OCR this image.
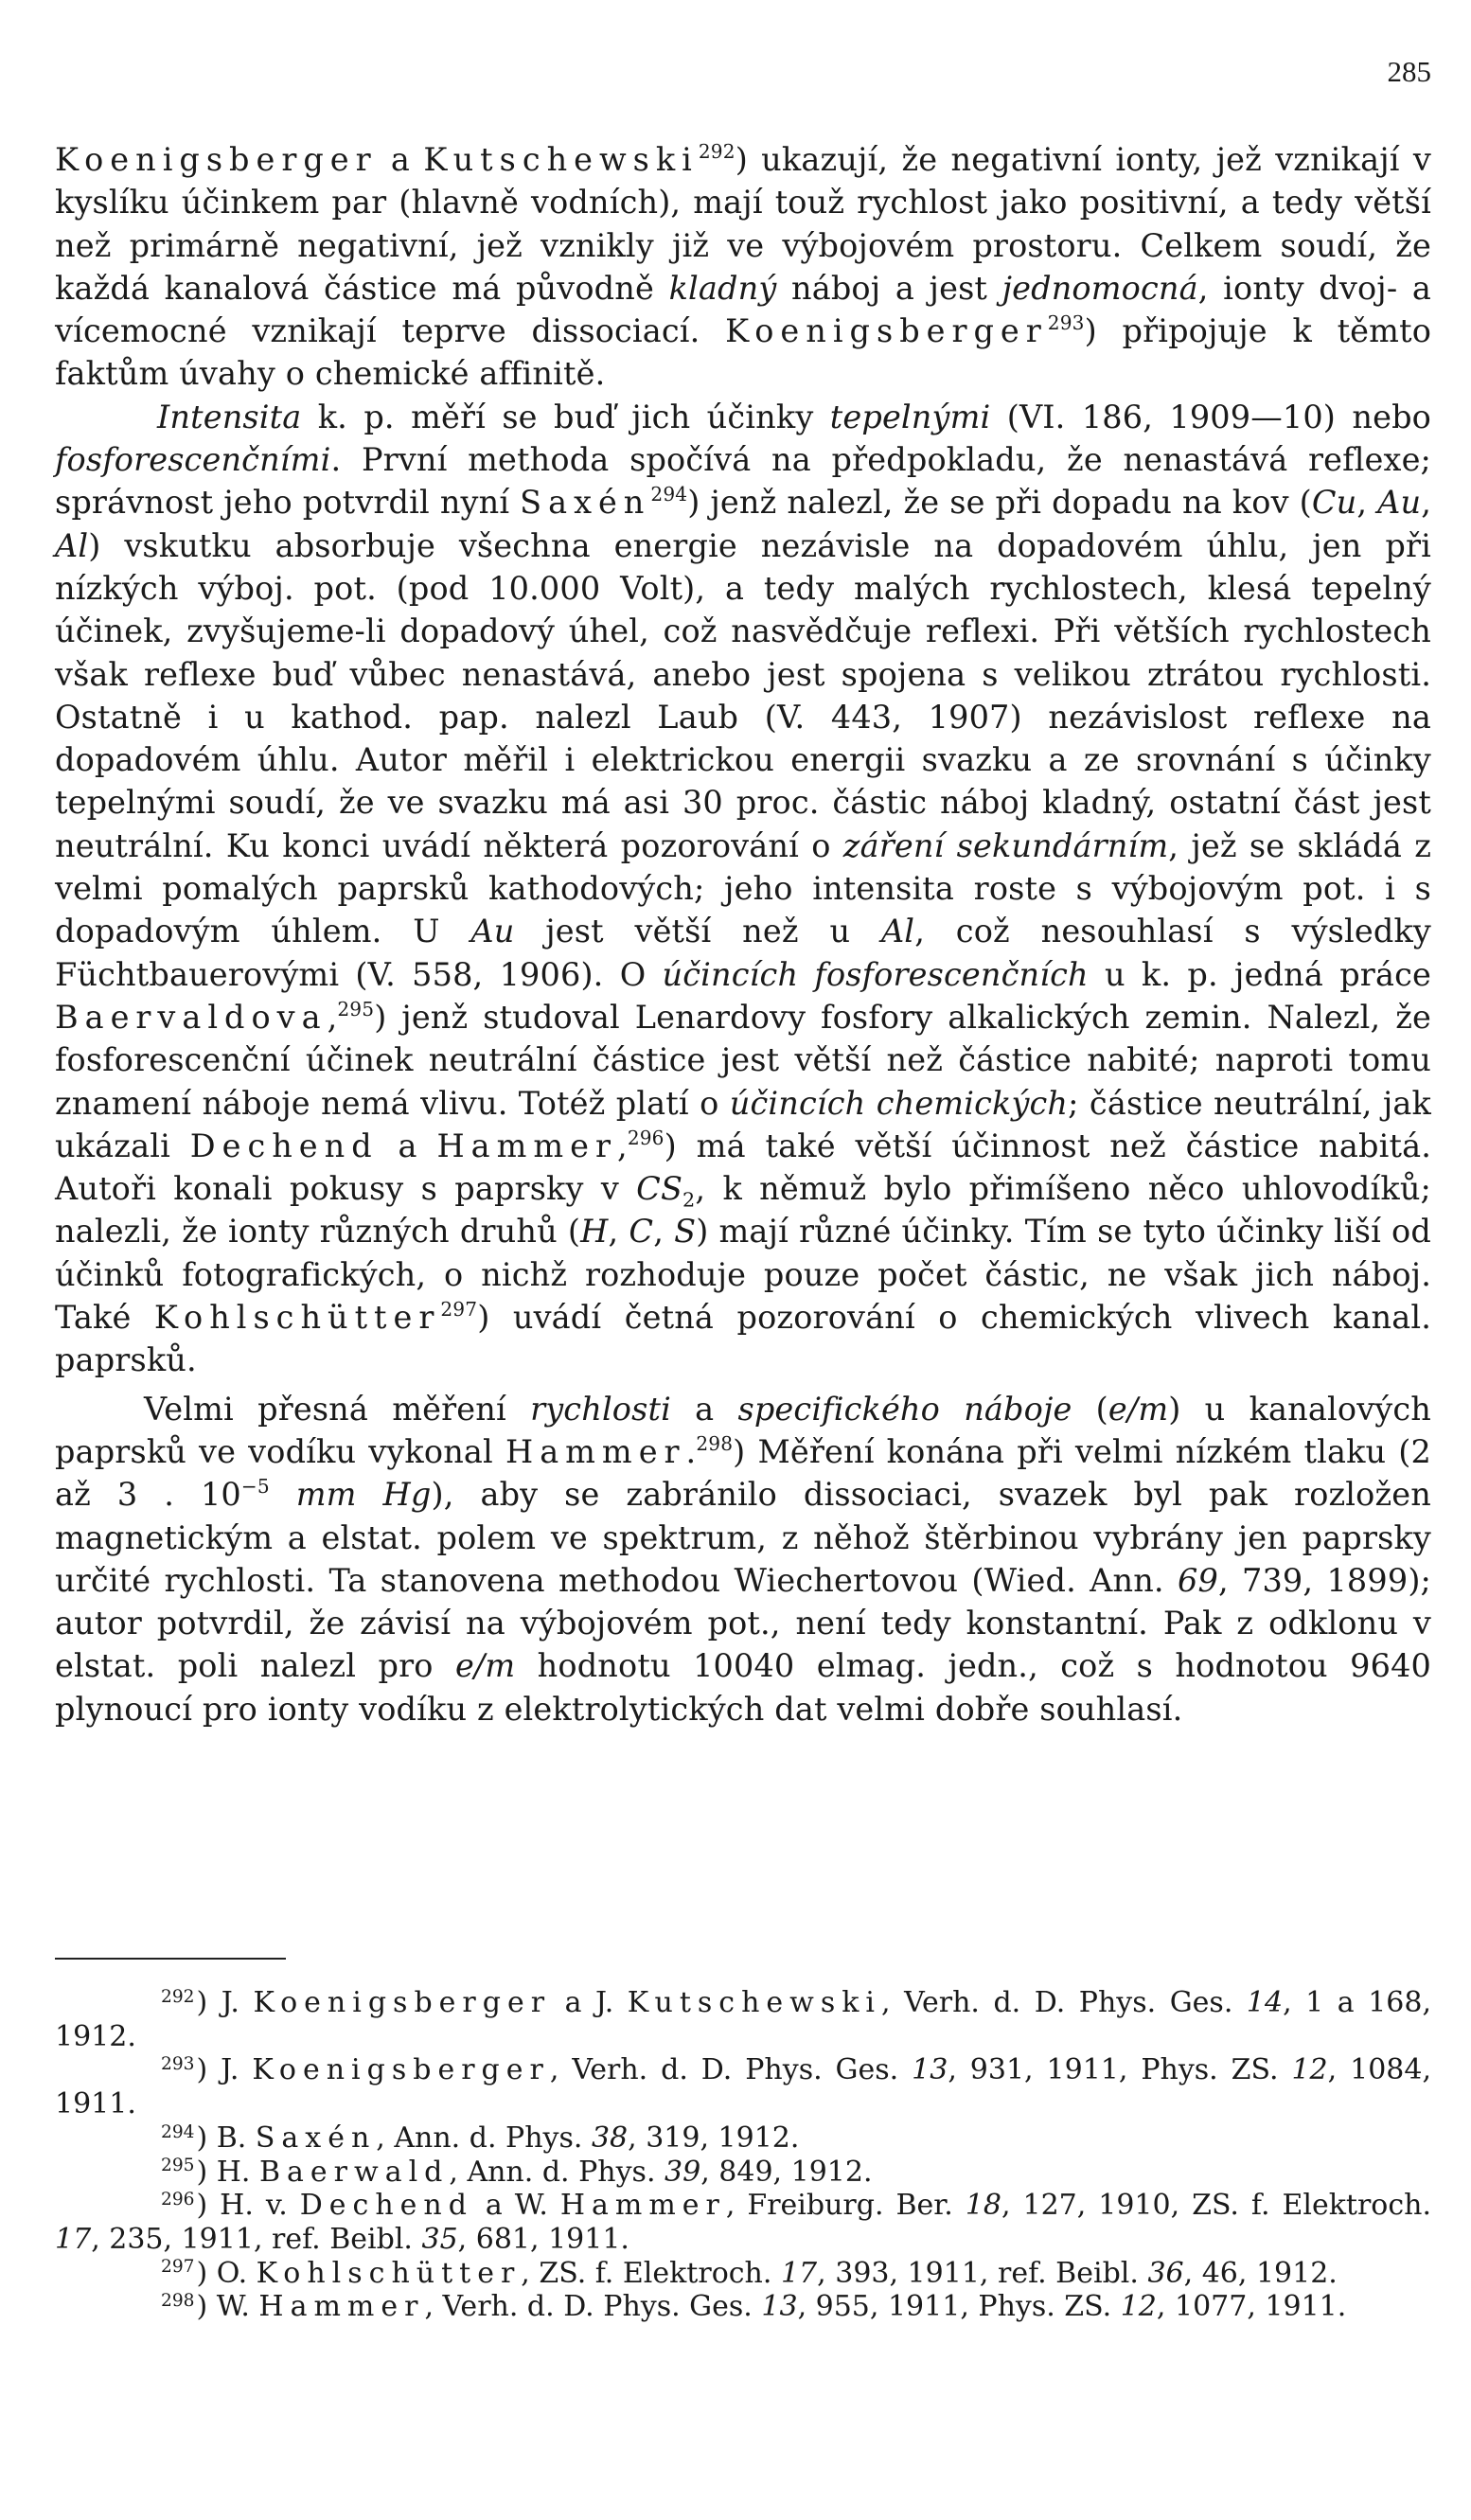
285

Koenigsberger a Kutschewski$^{292}$) ukazují, že negativní ionty, jež vznikají v kyslíku účinkem par (hlavně vodních), mají touž rychlost jako positivní, a tedy větší než primárně negativní, jež vznikly již ve výbojovém prostoru. Celkem soudí, že každá kanalová částice má původně kladný náboj a jest jednomocná, ionty dvoj- a vícemocné vznikají teprve dissociací. Koenigsberger$^{293}$) připojuje k těmto faktům úvahy o chemické affinitě.

Intensita k. p. měří se buď jich účinky tepelnými (VI. 186, 1909—10) nebo fosforescenčními. První methoda spočívá na předpokladu, že nenastává reflexe; správnost jeho potvrdil nyní Saxén$^{294}$) jenž nalezl, že se při dopadu na kov (Cu, Au, Al) vskutku absorbuje všechna energie nezávisle na dopadovém úhlu, jen při nízkých výboj. pot. (pod 10.000 Volt), a tedy malých rychlostech, klesá tepelný účinek, zvyšujeme-li dopadový úhel, což nasvědčuje reflexi. Při větších rychlostech však reflexe buď vůbec nenastává, anebo jest spojena s velikou ztrátou rychlosti. Ostatně i u kathod. pap. nalezl Laub (V. 443, 1907) nezávislost reflexe na dopadovém úhlu. Autor měřil i elektrickou energii svazku a ze srovnání s účinky tepelnými soudí, že ve svazku má asi 30 proc. částic náboj kladný, ostatní část jest neutrální. Ku konci uvádí některá pozorování o záření sekundárním, jež se skládá z velmi pomalých paprsků kathodových; jeho intensita roste s výbojovým pot. i s dopadovým úhlem. U Au jest větší než u Al, což nesouhlasí s výsledky Füchtbauerovými (V. 558, 1906). O účincích fosforescenčních u k. p. jedná práce Baervaldova,$^{295}$) jenž studoval Lenardovy fosfory alkalických zemin. Nalezl, že fosforescenční účinek neutrální částice jest větší než částice nabité; naproti tomu znamení náboje nemá vlivu. Totéž platí o účincích chemických; částice neutrální, jak ukázali Dechend a Hammer,$^{296}$) má také větší účinnost než částice nabitá. Autoři konali pokusy s paprsky v $CS_2$, k němuž bylo přimíšeno něco uhlovodíků; nalezli, že ionty různých druhů (H, C, S) mají různé účinky. Tím se tyto účinky liší od účinků fotografických, o nichž rozhoduje pouze počet částic, ne však jich náboj. Také Kohlschütter$^{297}$) uvádí četná pozorování o chemických vlivech kanal. paprsků.

Velmi přesná měření rychlosti a specifického náboje (e/m) u kanalových paprsků ve vodíku vykonal Hammer.$^{298}$) Měření konána při velmi nízkém tlaku (2 až 3 . $10^{-5}$ mm Hg), aby se zabránilo dissociaci, svazek byl pak rozložen magnetickým a elstat. polem ve spektrum, z něhož štěrbinou vybrány jen paprsky určité rychlosti. Ta stanovena methodou Wiechertovou (Wied. Ann. 69, 739, 1899); autor potvrdil, že závisí na výbojovém pot., není tedy konstantní. Pak z odklonu v elstat. poli nalezl pro e/m hodnotu 10040 elmag. jedn., což s hodnotou 9640 plynoucí pro ionty vodíku z elektrolytických dat velmi dobře souhlasí.

$^{292}$) J. Koenigsberger a J. Kutschewski, Verh. d. D. Phys. Ges. 14, 1 a 168, 1912.

$^{293}$) J. Koenigsberger, Verh. d. D. Phys. Ges. 13, 931, 1911, Phys. ZS. 12, 1084, 1911.

$^{294}$) B. Saxén, Ann. d. Phys. 38, 319, 1912.

$^{295}$) H. Baerwald, Ann. d. Phys. 39, 849, 1912.

$^{296}$) H. v. Dechend a W. Hammer, Freiburg. Ber. 18, 127, 1910, ZS. f. Elektroch. 17, 235, 1911, ref. Beibl. 35, 681, 1911.

$^{297}$) O. Kohlschütter, ZS. f. Elektroch. 17, 393, 1911, ref. Beibl. 36, 46, 1912.

$^{298}$) W. Hammer, Verh. d. D. Phys. Ges. 13, 955, 1911, Phys. ZS. 12, 1077, 1911.
